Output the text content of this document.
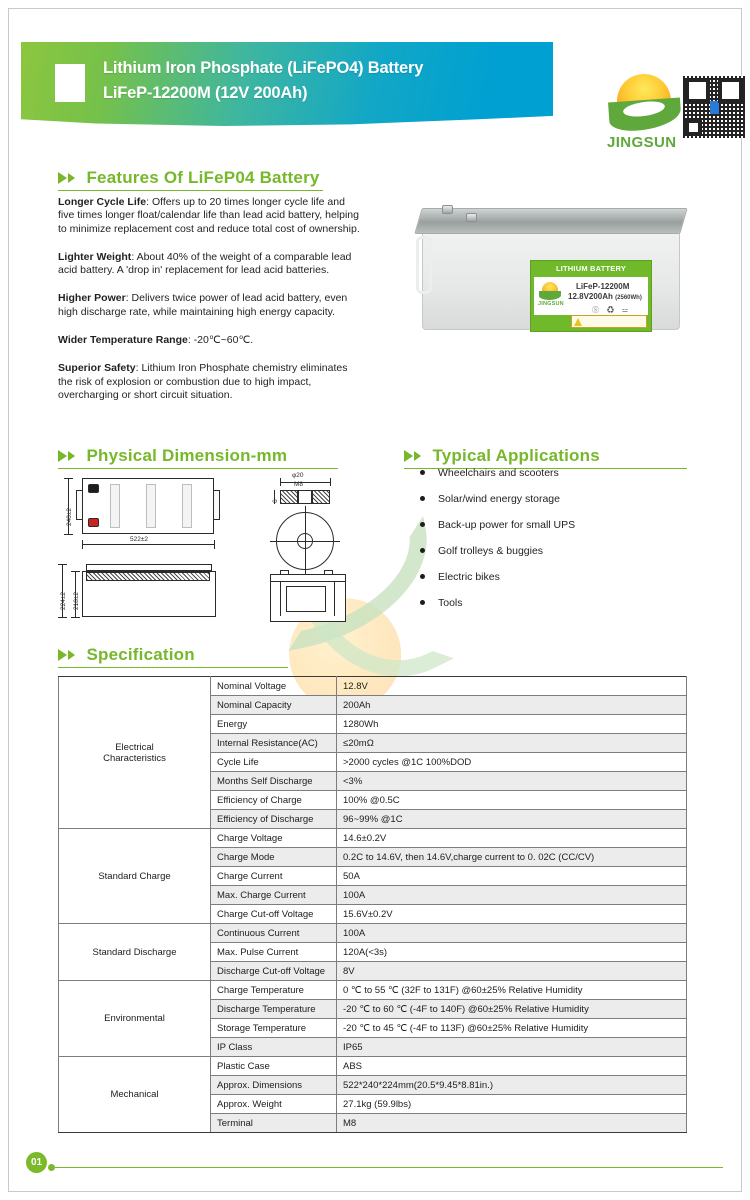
Lithium Iron Phosphate (LiFePO4) Battery
LiFeP-12200M (12V 200Ah)
JINGSUN
Features Of LiFeP04 Battery
Longer Cycle Life: Offers up to 20 times longer cycle life and five times longer float/calendar life than lead acid battery, helping to minimize replacement cost and reduce total cost of ownership.
Lighter Weight: About 40% of the weight of a comparable lead acid battery. A 'drop in' replacement for lead acid batteries.
Higher Power: Delivers twice power of lead acid battery, even high discharge rate, while maintaining high energy capacity.
Wider Temperature Range: -20℃~60℃.
Superior Safety: Lithium Iron Phosphate chemistry eliminates the risk of explosion or combustion due to high impact, overcharging or short circuit situation.
LITHIUM BATTERY
JINGSUN
LiFeP-12200M
12.8V200Ah (2560Wh)
Ⓢ ♻ ⚍
Physical Dimension-mm
240±2
522±2
224±2 218±2
φ20
M8
6
Typical Applications
Wheelchairs and scooters
Solar/wind energy storage
Back-up power for small UPS
Golf trolleys & buggies
Electric bikes
Tools
Specification
Electrical
Characteristics	Nominal Voltage	12.8V
	Nominal Capacity	200Ah
	Energy	1280Wh
	Internal Resistance(AC)	≤20mΩ
	Cycle Life	>2000 cycles @1C 100%DOD
	Months Self Discharge	<3%
	Efficiency of Charge	100% @0.5C
	Efficiency of Discharge	96~99% @1C

Standard Charge	Charge Voltage	14.6±0.2V
	Charge Mode	0.2C to 14.6V, then 14.6V,charge current to 0. 02C (CC/CV)
	Charge Current	50A
	Max. Charge Current	100A
	Charge Cut-off Voltage	15.6V±0.2V

Standard Discharge	Continuous Current	100A
	Max. Pulse Current	120A(<3s)
	Discharge Cut-off Voltage	8V

Environmental	Charge Temperature	0 ℃ to 55 ℃ (32F to 131F) @60±25% Relative Humidity
	Discharge Temperature	-20 ℃ to 60 ℃ (-4F to 140F) @60±25% Relative Humidity
	Storage Temperature	-20 ℃ to 45 ℃ (-4F to 113F) @60±25% Relative Humidity
	IP Class	IP65

Mechanical	Plastic Case	ABS
	Approx. Dimensions	522*240*224mm(20.5*9.45*8.81in.)
	Approx. Weight	27.1kg (59.9lbs)
	Terminal	M8
01
